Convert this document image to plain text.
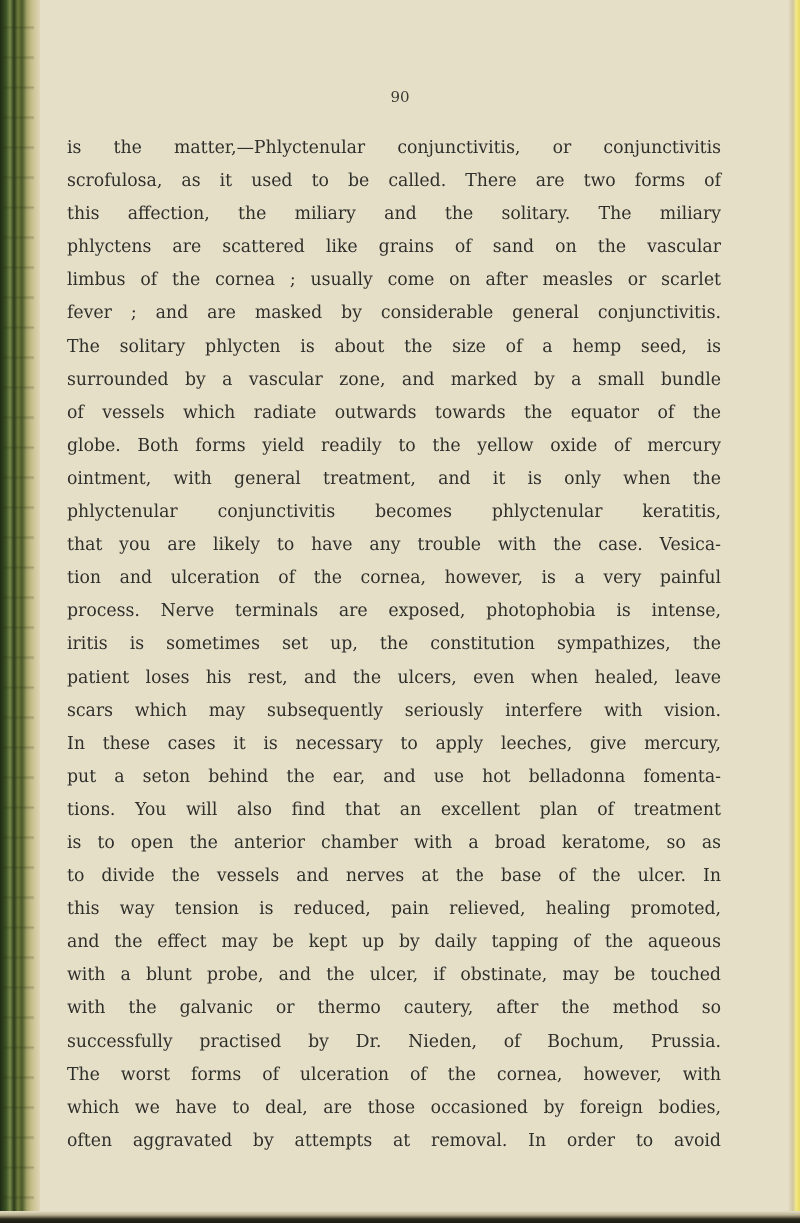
90
is the matter,—Phlyctenular conjunctivitis, or conjunctivitis
scrofulosa, as it used to be called. There are two forms of
this affection, the miliary and the solitary. The miliary
phlyctens are scattered like grains of sand on the vascular
limbus of the cornea ; usually come on after measles or scarlet
fever ; and are masked by considerable general conjunctivitis.
The solitary phlycten is about the size of a hemp seed, is
surrounded by a vascular zone, and marked by a small bundle
of vessels which radiate outwards towards the equator of the
globe. Both forms yield readily to the yellow oxide of mercury
ointment, with general treatment, and it is only when the
phlyctenular conjunctivitis becomes phlyctenular keratitis,
that you are likely to have any trouble with the case. Vesica-
tion and ulceration of the cornea, however, is a very painful
process. Nerve terminals are exposed, photophobia is intense,
iritis is sometimes set up, the constitution sympathizes, the
patient loses his rest, and the ulcers, even when healed, leave
scars which may subsequently seriously interfere with vision.
In these cases it is necessary to apply leeches, give mercury,
put a seton behind the ear, and use hot belladonna fomenta-
tions. You will also find that an excellent plan of treatment
is to open the anterior chamber with a broad keratome, so as
to divide the vessels and nerves at the base of the ulcer. In
this way tension is reduced, pain relieved, healing promoted,
and the effect may be kept up by daily tapping of the aqueous
with a blunt probe, and the ulcer, if obstinate, may be touched
with the galvanic or thermo cautery, after the method so
successfully practised by Dr. Nieden, of Bochum, Prussia.
The worst forms of ulceration of the cornea, however, with
which we have to deal, are those occasioned by foreign bodies,
often aggravated by attempts at removal. In order to avoid
